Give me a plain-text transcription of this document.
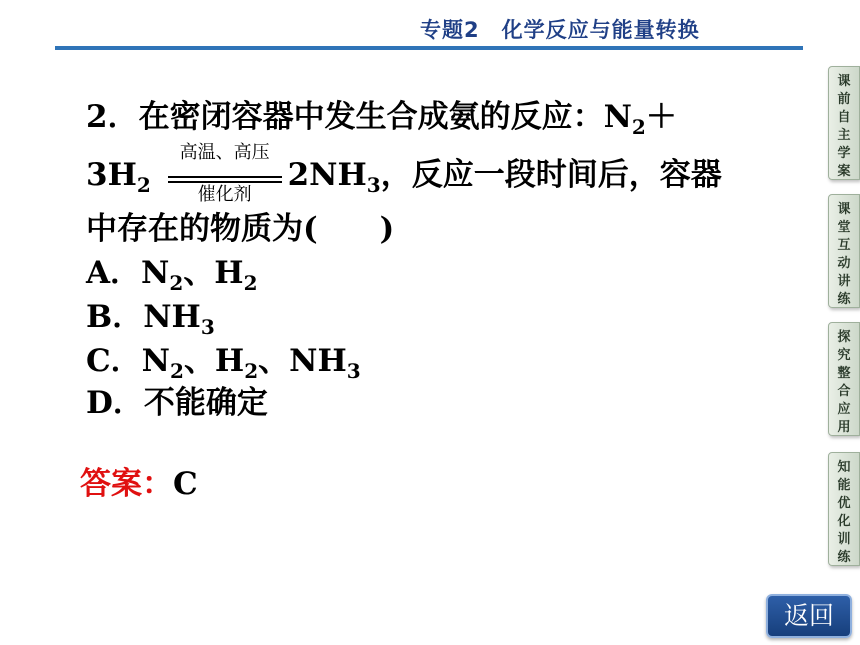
专题2　化学反应与能量转换
2．在密闭容器中发生合成氨的反应：$N_2+$
$3H_2$
高温、高压
催化剂
$2NH_3$，反应一段时间后，容器
中存在的物质为(　　)
A．$N_2$、$H_2$
B．$NH_3$
C．$N_2$、$H_2$、$NH_3$
D．不能确定
答案：C
课
前
自
主
学
案
课
堂
互
动
讲
练
探
究
整
合
应
用
知
能
优
化
训
练
返回
